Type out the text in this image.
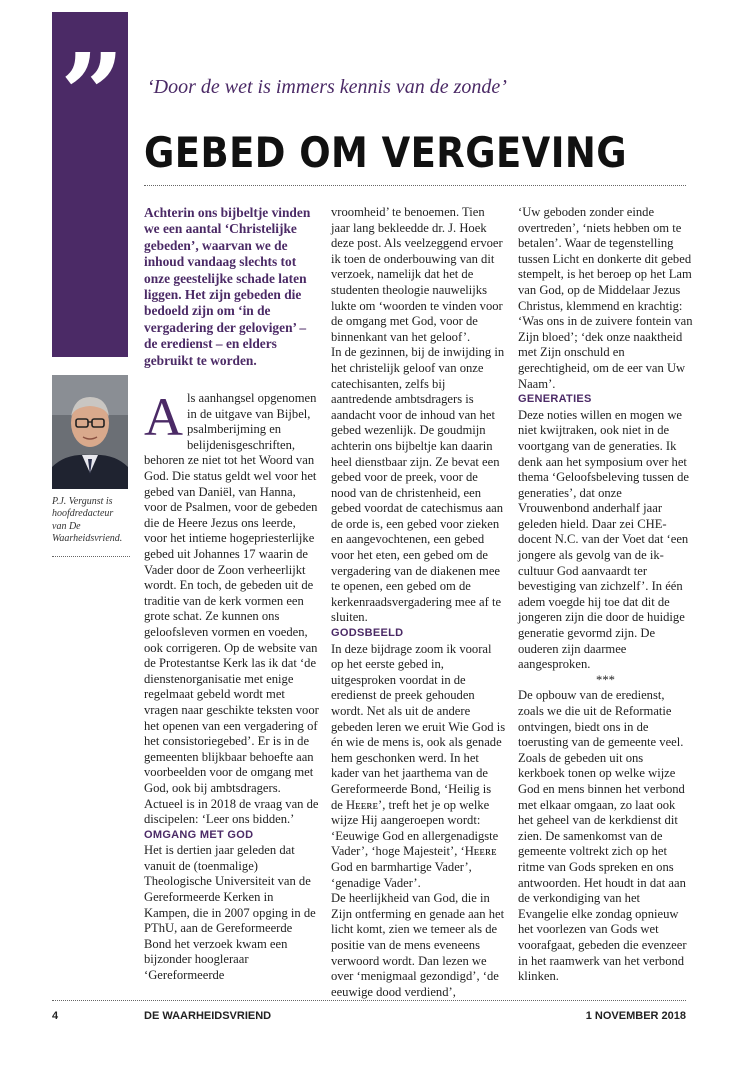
” ‘Door de wet is immers kennis van de zonde’
GEBED OM VERGEVING
P.J. Vergunst is hoofdredacteur van De Waarheidsvriend.

Achterin ons bijbeltje vinden we een aantal ‘Christelijke gebeden’, waarvan we de inhoud vandaag slechts tot onze geestelijke schade laten liggen. Het zijn gebeden die bedoeld zijn om ‘in de vergadering der gelovigen’ – de eredienst – en elders gebruikt te worden.

A ls aanhangsel opgenomen in de uitgave van Bijbel, psalmberijming en belijdenisgeschriften, behoren ze niet tot het Woord van God. Die status geldt wel voor het gebed van Daniël, van Hanna, voor de Psalmen, voor de gebeden die de Heere Jezus ons leerde, voor het intieme hogepriesterlijke gebed uit Johannes 17 waarin de Vader door de Zoon verheerlijkt wordt. En toch, de gebeden uit de traditie van de kerk vormen een grote schat. Ze kunnen ons geloofsleven vormen en voeden, ook corrigeren. Op de website van de Protestantse Kerk las ik dat ‘de dienstenorganisatie met enige regelmaat gebeld wordt met vragen naar geschikte teksten voor het openen van een vergadering of het consistoriegebed’. Er is in de gemeenten blijkbaar behoefte aan voorbeelden voor de omgang met God, ook bij ambtsdragers. Actueel is in 2018 de vraag van de discipelen: ‘Leer ons bidden.’

OMGANG MET GOD

Het is dertien jaar geleden dat vanuit de (toenmalige) Theologische Universiteit van de Gereformeerde Kerken in Kampen, die in 2007 opging in de PThU, aan de Gereformeerde Bond het verzoek kwam een bijzonder hoogleraar ‘Gereformeerde

vroomheid’ te benoemen. Tien jaar lang bekleedde dr. J. Hoek deze post. Als veelzeggend ervoer ik toen de onderbouwing van dit verzoek, namelijk dat het de studenten theologie nauwelijks lukte om ‘woorden te vinden voor de omgang met God, voor de binnenkant van het geloof’.

In de gezinnen, bij de inwijding in het christelijk geloof van onze catechisanten, zelfs bij aantredende ambtsdragers is aandacht voor de inhoud van het gebed wezenlijk. De goudmijn achterin ons bijbeltje kan daarin heel dienstbaar zijn. Ze bevat een gebed voor de preek, voor de nood van de christenheid, een gebed voordat de catechismus aan de orde is, een gebed voor zieken en aangevochtenen, een gebed voor het eten, een gebed om de vergadering van de diakenen mee te openen, een gebed om de kerkenraadsvergadering mee af te sluiten.

GODSBEELD

In deze bijdrage zoom ik vooral op het eerste gebed in, uitgesproken voordat in de eredienst de preek gehouden wordt. Net als uit de andere gebeden leren we eruit Wie God is én wie de mens is, ook als genade hem geschonken werd. In het kader van het jaarthema van de Gereformeerde Bond, ‘Heilig is de Hᴇᴇʀᴇ’, treft het je op welke wijze Hij aangeroepen wordt: ‘Eeuwige God en allergenadigste Vader’, ‘hoge Majesteit’, ‘Hᴇᴇʀᴇ God en barmhartige Vader’, ‘genadige Vader’.

De heerlijkheid van God, die in Zijn ontferming en genade aan het licht komt, zien we temeer als de positie van de mens eveneens verwoord wordt. Dan lezen we over ‘menigmaal gezondigd’, ‘de eeuwige dood verdiend’,

‘Uw geboden zonder einde overtreden’, ‘niets hebben om te betalen’. Waar de tegenstelling tussen Licht en donkerte dit gebed stempelt, is het beroep op het Lam van God, op de Middelaar Jezus Christus, klemmend en krachtig: ‘Was ons in de zuivere fontein van Zijn bloed’; ‘dek onze naaktheid met Zijn onschuld en gerechtigheid, om de eer van Uw Naam’.

GENERATIES

Deze noties willen en mogen we niet kwijtraken, ook niet in de voortgang van de generaties. Ik denk aan het symposium over het thema ‘Geloofsbeleving tussen de generaties’, dat onze Vrouwenbond anderhalf jaar geleden hield. Daar zei CHE-docent N.C. van der Voet dat ‘een jongere als gevolg van de ik-cultuur God aanvaardt ter bevestiging van zichzelf’. In één adem voegde hij toe dat dit de jongeren zijn die door de huidige generatie gevormd zijn. De ouderen zijn daarmee aangesproken.

***

De opbouw van de eredienst, zoals we die uit de Reformatie ontvingen, biedt ons in de toerusting van de gemeente veel. Zoals de gebeden uit ons kerkboek tonen op welke wijze God en mens binnen het verbond met elkaar omgaan, zo laat ook het geheel van de kerkdienst dit zien. De samenkomst van de gemeente voltrekt zich op het ritme van Gods spreken en ons antwoorden. Het houdt in dat aan de verkondiging van het Evangelie elke zondag opnieuw het voorlezen van Gods wet voorafgaat, gebeden die evenzeer in het raamwerk van het verbond klinken.

4	DE WAARHEIDSVRIEND	1 NOVEMBER 2018
